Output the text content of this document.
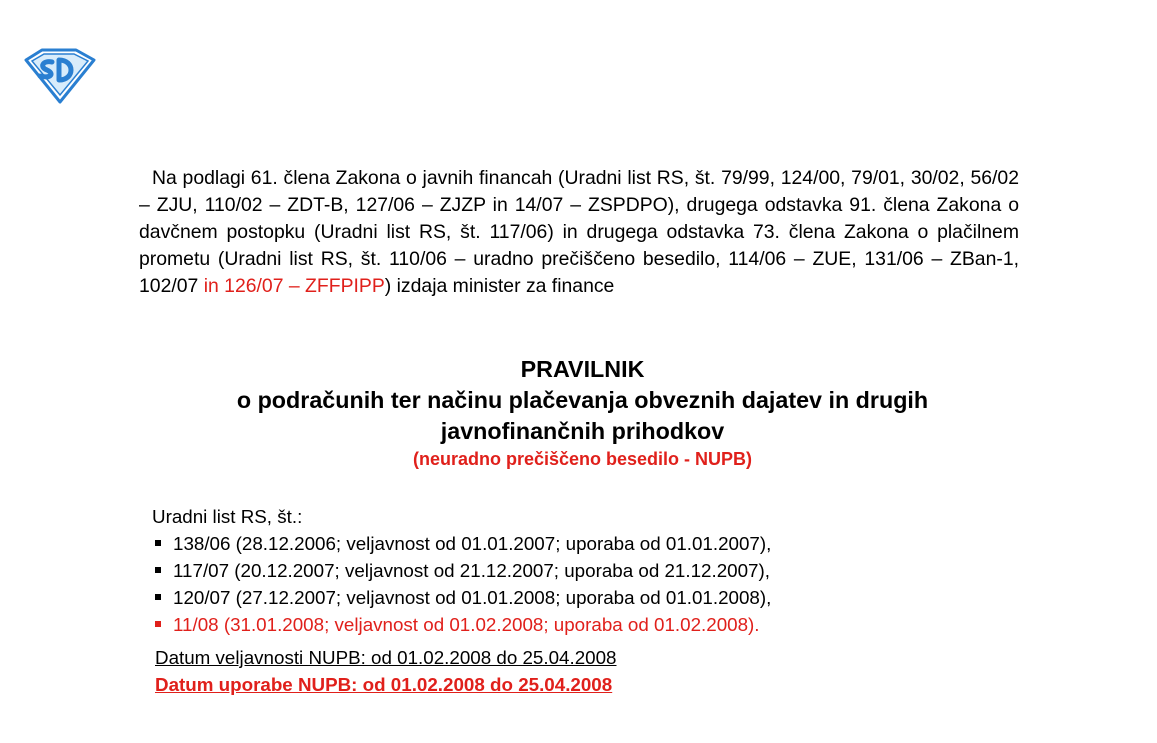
Na podlagi 61. člena Zakona o javnih financah (Uradni list RS, št. 79/99, 124/00, 79/01, 30/02, 56/02 – ZJU, 110/02 – ZDT-B, 127/06 – ZJZP in 14/07 – ZSPDPO), drugega odstavka 91. člena Zakona o davčnem postopku (Uradni list RS, št. 117/06) in drugega odstavka 73. člena Zakona o plačilnem prometu (Uradni list RS, št. 110/06 – uradno prečiščeno besedilo, 114/06 – ZUE, 131/06 – ZBan-1, 102/07 in 126/07 – ZFFPIPP) izdaja minister za finance

PRAVILNIK
o podračunih ter načinu plačevanja obveznih dajatev in drugih
javnofinančnih prihodkov
(neuradno prečiščeno besedilo - NUPB)
Uradni list RS, št.:
138/06 (28.12.2006; veljavnost od 01.01.2007; uporaba od 01.01.2007),
117/07 (20.12.2007; veljavnost od 21.12.2007; uporaba od 21.12.2007),
120/07 (27.12.2007; veljavnost od 01.01.2008; uporaba od 01.01.2008),
11/08 (31.01.2008; veljavnost od 01.02.2008; uporaba od 01.02.2008).
Datum veljavnosti NUPB: od 01.02.2008 do 25.04.2008
Datum uporabe NUPB: od 01.02.2008 do 25.04.2008
